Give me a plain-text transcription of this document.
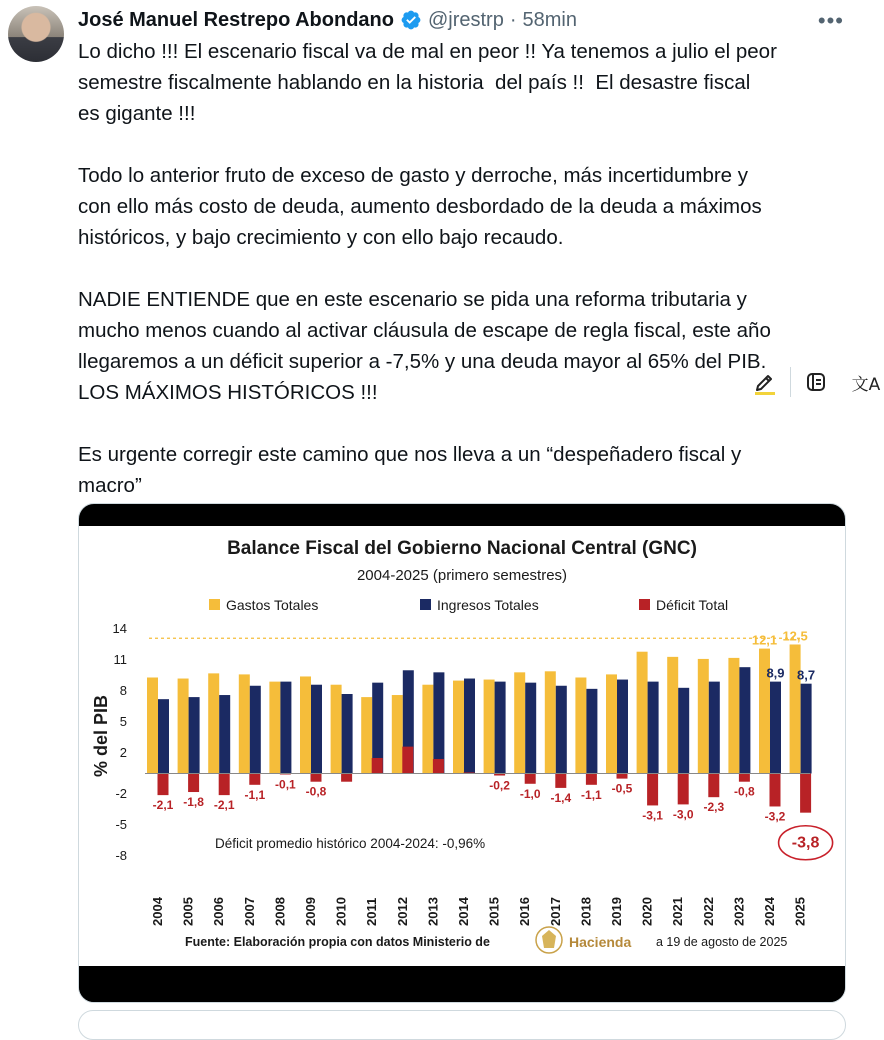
José Manuel Restrepo Abondano @jrestrp · 58min	•••

Lo dicho !!! El escenario fiscal va de mal en peor !! Ya tenemos a julio el peor
semestre fiscalmente hablando en la historia  del país !!  El desastre fiscal
es gigante !!!

Todo lo anterior fruto de exceso de gasto y derroche, más incertidumbre y
con ello más costo de deuda, aumento desbordado de la deuda a máximos
históricos, y bajo crecimiento y con ello bajo recaudo.

NADIE ENTIENDE que en este escenario se pida una reforma tributaria y
mucho menos cuando al activar cláusula de escape de regla fiscal, este año
llegaremos a un déficit superior a -7,5% y una deuda mayor al 65% del PIB.
LOS MÁXIMOS HISTÓRICOS !!!

Es urgente corregir este camino que nos lleva a un “despeñadero fiscal y
macro”

文A
Balance Fiscal del Gobierno Nacional Central (GNC)
2004-2025 (primero semestres)
Gastos Totales	Ingresos Totales	Déficit Total
% del PIB
14
11
8
5
2
-2
-5
-8
-2,1 -1,8 -2,1
-1,1
-0,1
-0,8	-0,2
-1,0 -1,4 -1,1 -0,5
-3,1 -3,0
-2,3
-0,8
-3,2
-3,8
12,1 12,5
8,9 8,7
2004 2005 2006 2007 2008 2009 2010 2011 2012 2013 2014 2015 2016 2017 2018 2019 2020 2021 2022 2023 2024 2025
Déficit promedio histórico 2004-2024: -0,96%
Fuente: Elaboración propia con datos Ministerio de	Hacienda a 19 de agosto de 2025
